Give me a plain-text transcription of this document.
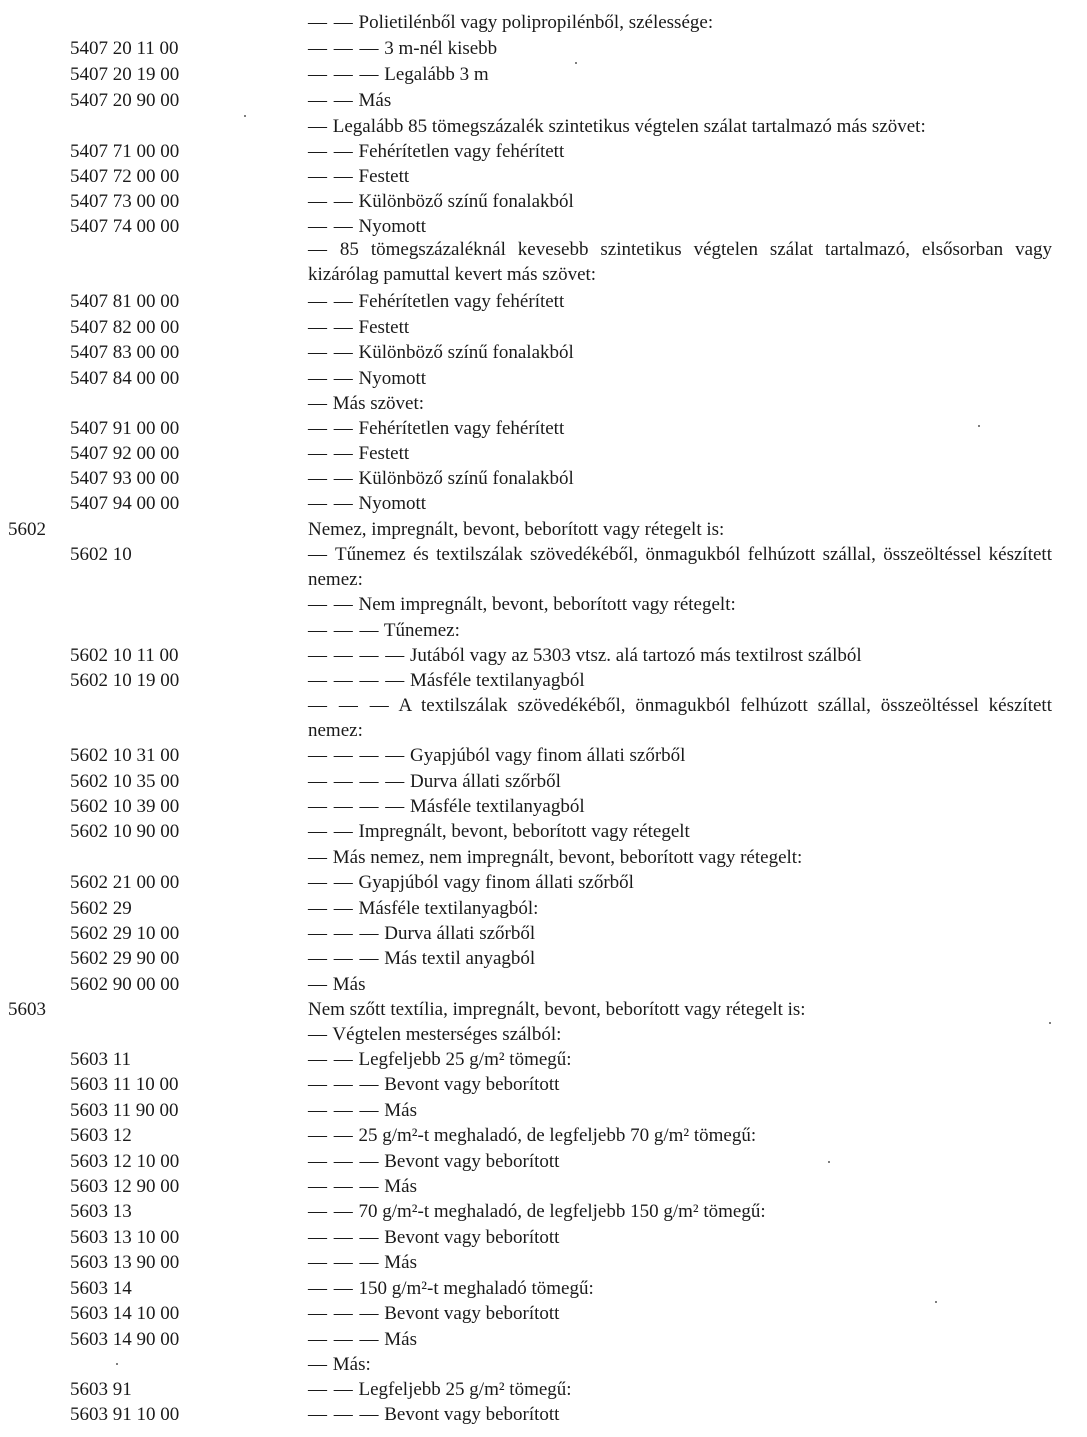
— — Polietilénből vagy polipropilénből, szélessége:
5407 20 11 00	— — — 3 m-nél kisebb
5407 20 19 00	— — — Legalább 3 m
5407 20 90 00	— — Más
— Legalább 85 tömegszázalék szintetikus végtelen szálat tartalmazó más szövet:
5407 71 00 00	— — Fehérítetlen vagy fehérített
5407 72 00 00	— — Festett
5407 73 00 00	— — Különböző színű fonalakból
5407 74 00 00	— — Nyomott
— 85 tömegszázaléknál kevesebb szintetikus végtelen szálat tartalmazó, elsősorban vagy kizárólag pamuttal kevert más szövet:
5407 81 00 00	— — Fehérítetlen vagy fehérített
5407 82 00 00	— — Festett
5407 83 00 00	— — Különböző színű fonalakból
5407 84 00 00	— — Nyomott
— Más szövet:
5407 91 00 00	— — Fehérítetlen vagy fehérített
5407 92 00 00	— — Festett
5407 93 00 00	— — Különböző színű fonalakból
5407 94 00 00	— — Nyomott
5602	Nemez, impregnált, bevont, beborított vagy rétegelt is:
5602 10	— Tűnemez és textilszálak szövedékéből, önmagukból felhúzott szállal, összeöltéssel készített nemez:
— — Nem impregnált, bevont, beborított vagy rétegelt:
— — — Tűnemez:
5602 10 11 00	— — — — Jutából vagy az 5303 vtsz. alá tartozó más textilrost szálból
5602 10 19 00	— — — — Másféle textilanyagból
— — — A textilszálak szövedékéből, önmagukból felhúzott szállal, összeöltéssel készített nemez:
5602 10 31 00	— — — — Gyapjúból vagy finom állati szőrből
5602 10 35 00	— — — — Durva állati szőrből
5602 10 39 00	— — — — Másféle textilanyagból
5602 10 90 00	— — Impregnált, bevont, beborított vagy rétegelt
— Más nemez, nem impregnált, bevont, beborított vagy rétegelt:
5602 21 00 00	— — Gyapjúból vagy finom állati szőrből
5602 29	— — Másféle textilanyagból:
5602 29 10 00	— — — Durva állati szőrből
5602 29 90 00	— — — Más textil anyagból
5602 90 00 00	— Más
5603	Nem szőtt textília, impregnált, bevont, beborított vagy rétegelt is:
— Végtelen mesterséges szálból:
5603 11	— — Legfeljebb 25 g/m² tömegű:
5603 11 10 00	— — — Bevont vagy beborított
5603 11 90 00	— — — Más
5603 12	— — 25 g/m²-t meghaladó, de legfeljebb 70 g/m² tömegű:
5603 12 10 00	— — — Bevont vagy beborított
5603 12 90 00	— — — Más
5603 13	— — 70 g/m²-t meghaladó, de legfeljebb 150 g/m² tömegű:
5603 13 10 00	— — — Bevont vagy beborított
5603 13 90 00	— — — Más
5603 14	— — 150 g/m²-t meghaladó tömegű:
5603 14 10 00	— — — Bevont vagy beborított
5603 14 90 00	— — — Más
— Más:
5603 91	— — Legfeljebb 25 g/m² tömegű:
5603 91 10 00	— — — Bevont vagy beborított
